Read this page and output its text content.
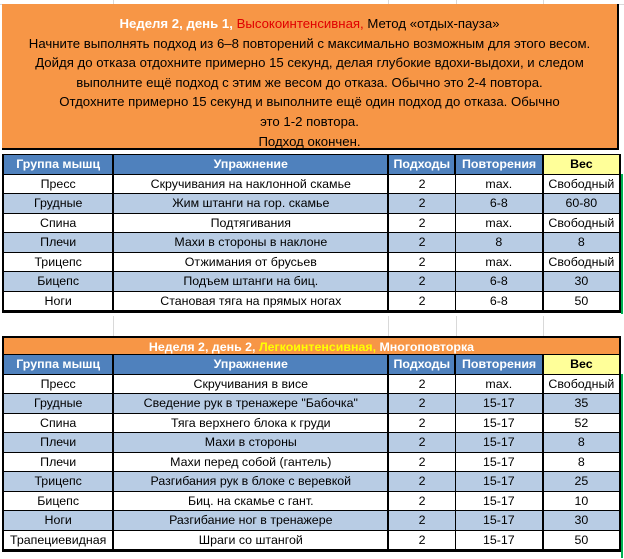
Неделя 2, день 1, Высокоинтенсивная, Метод «отдых-пауза»
Начните выполнять подход из 6–8 повторений с максимально возможным для этого весом.
Дойдя до отказа отдохните примерно 15 секунд, делая глубокие вдохи-выдохи, и следом выполните ещё подход с этим же весом до отказа. Обычно это 2-4 повтора.
Отдохните примерно 15 секунд и выполните ещё один подход до отказа. Обычно это 1-2 повтора.
Подход окончен.
Группа мышц	Упражнение	Подходы	Повторения	Вес
Пресс	Скручивания на наклонной скамье	2	max.	Свободный
Грудные	Жим штанги на гор. скамье	2	6-8	60-80
Спина	Подтягивания	2	max.	Свободный
Плечи	Махи в стороны в наклоне	2	8	8
Трицепс	Отжимания от брусьев	2	max.	Свободный
Бицепс	Подъем штанги на биц.	2	6-8	30
Ноги	Становая тяга на прямых ногах	2	6-8	50
Неделя 2, день 2, Легкоинтенсивная, Многоповторка
Группа мышц	Упражнение	Подходы	Повторения	Вес
Пресс	Скручивания в висе	2	max.	Свободный
Грудные	Сведение рук в тренажере "Бабочка"	2	15-17	35
Спина	Тяга верхнего блока к груди	2	15-17	52
Плечи	Махи в стороны	2	15-17	8
Плечи	Махи перед собой (гантель)	2	15-17	8
Трицепс	Разгибания рук в блоке с веревкой	2	15-17	25
Бицепс	Биц. на скамье с гант.	2	15-17	10
Ноги	Разгибание ног в тренажере	2	15-17	30
Трапециевидная	Шраги со штангой	2	15-17	50
